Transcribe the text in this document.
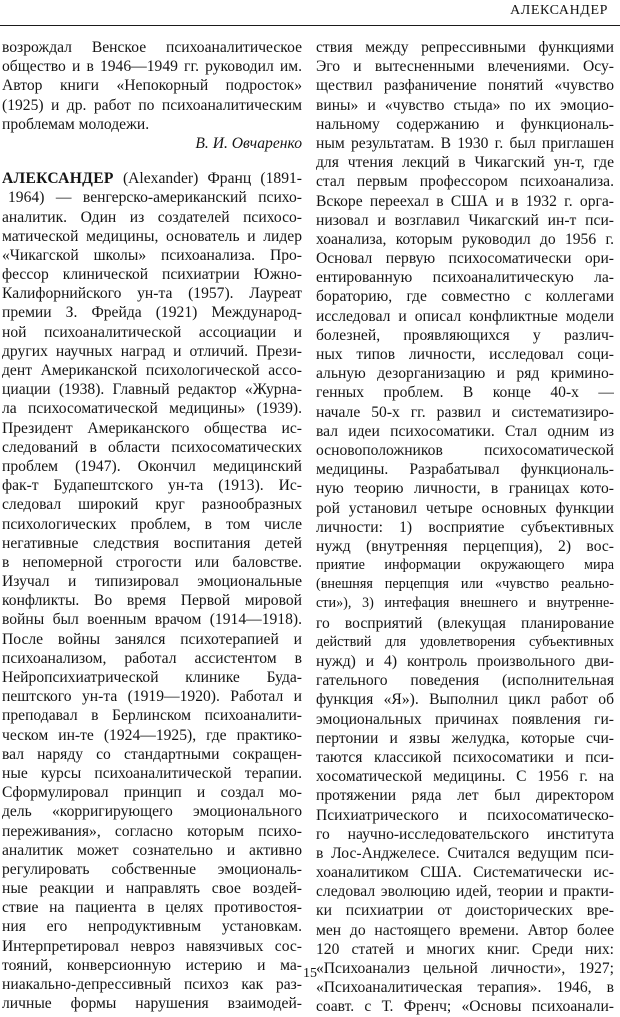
АЛЕКСАНДЕР
возрождал Венское психоаналитическое
общество и в 1946—1949 гг. руководил им.
Автор книги «Непокорный подросток»
(1925) и др. работ по психоаналитическим
проблемам молодежи.
В. И. Овчаренко
АЛЕКСАНДЕР (Alexander) Франц (1891-
1964) — венгерско-американский психо-
аналитик. Один из создателей психосо-
матической медицины, основатель и лидер
«Чикагской школы» психоанализа. Про-
фессор клинической психиатрии Южно-
Калифорнийского ун-та (1957). Лауреат
премии З. Фрейда (1921) Международ-
ной психоаналитической ассоциации и
других научных наград и отличий. Прези-
дент Американской психологической ассо-
циации (1938). Главный редактор «Журна-
ла психосоматической медицины» (1939).
Президент Американского общества ис-
следований в области психосоматических
проблем (1947). Окончил медицинский
фак-т Будапештского ун-та (1913). Ис-
следовал широкий круг разнообразных
психологических проблем, в том числе
негативные следствия воспитания детей
в непомерной строгости или баловстве.
Изучал и типизировал эмоциональные
конфликты. Во время Первой мировой
войны был военным врачом (1914—1918).
После войны занялся психотерапией и
психоанализом, работал ассистентом в
Нейропсихиатрической клинике Буда-
пештского ун-та (1919—1920). Работал и
преподавал в Берлинском психоаналити-
ческом ин-те (1924—1925), где практико-
вал наряду со стандартными сокращен-
ные курсы психоаналитической терапии.
Сформулировал принцип и создал мо-
дель «корригирующего эмоционального
переживания», согласно которым психо-
аналитик может сознательно и активно
регулировать собственные эмоциональ-
ные реакции и направлять свое воздей-
ствие на пациента в целях противостоя-
ния его непродуктивным установкам.
Интерпретировал невроз навязчивых сос-
тояний, конверсионную истерию и ма-
ниакально-депрессивный психоз как раз-
личные формы нарушения взаимодей-
ствия между репрессивными функциями
Эго и вытесненными влечениями. Осу-
ществил разфаничение понятий «чувство
вины» и «чувство стыда» по их эмоцио-
нальному содержанию и функциональ-
ным результатам. В 1930 г. был приглашен
для чтения лекций в Чикагский ун-т, где
стал первым профессором психоанализа.
Вскоре переехал в США и в 1932 г. орга-
низовал и возглавил Чикагский ин-т пси-
хоанализа, которым руководил до 1956 г.
Основал первую психосоматически ори-
ентированную психоаналитическую ла-
бораторию, где совместно с коллегами
исследовал и описал конфликтные модели
болезней, проявляющихся у различ-
ных типов личности, исследовал соци-
альную дезорганизацию и ряд кримино-
генных проблем. В конце 40-х —
начале 50-х гг. развил и систематизиро-
вал идеи психосоматики. Стал одним из
основоположников психосоматической
медицины. Разрабатывал функциональ-
ную теорию личности, в границах кото-
рой установил четыре основных функции
личности: 1) восприятие субъективных
нужд (внутренняя перцепция), 2) вос-
приятие информации окружающего мира
(внешняя перцепция или «чувство реально-
сти»), 3) интефация внешнего и внутренне-
го восприятий (влекущая планирование
действий для удовлетворения субъективных
нужд) и 4) контроль произвольного дви-
гательного поведения (исполнительная
функция «Я»). Выполнил цикл работ об
эмоциональных причинах появления ги-
пертонии и язвы желудка, которые счи-
таются классикой психосоматики и пси-
хосоматической медицины. С 1956 г. на
протяжении ряда лет был директором
Психиатрического и психосоматическо-
го научно-исследовательского института
в Лос-Анджелесе. Считался ведущим пси-
хоаналитиком США. Систематически ис-
следовал эволюцию идей, теории и практи-
ки психиатрии от доисторических вре-
мен до настоящего времени. Автор более
120 статей и многих книг. Среди них:
«Психоанализ цельной личности», 1927;
«Психоаналитическая терапия». 1946, в
соавт. с Т. Френч; «Основы психоанали-
15
